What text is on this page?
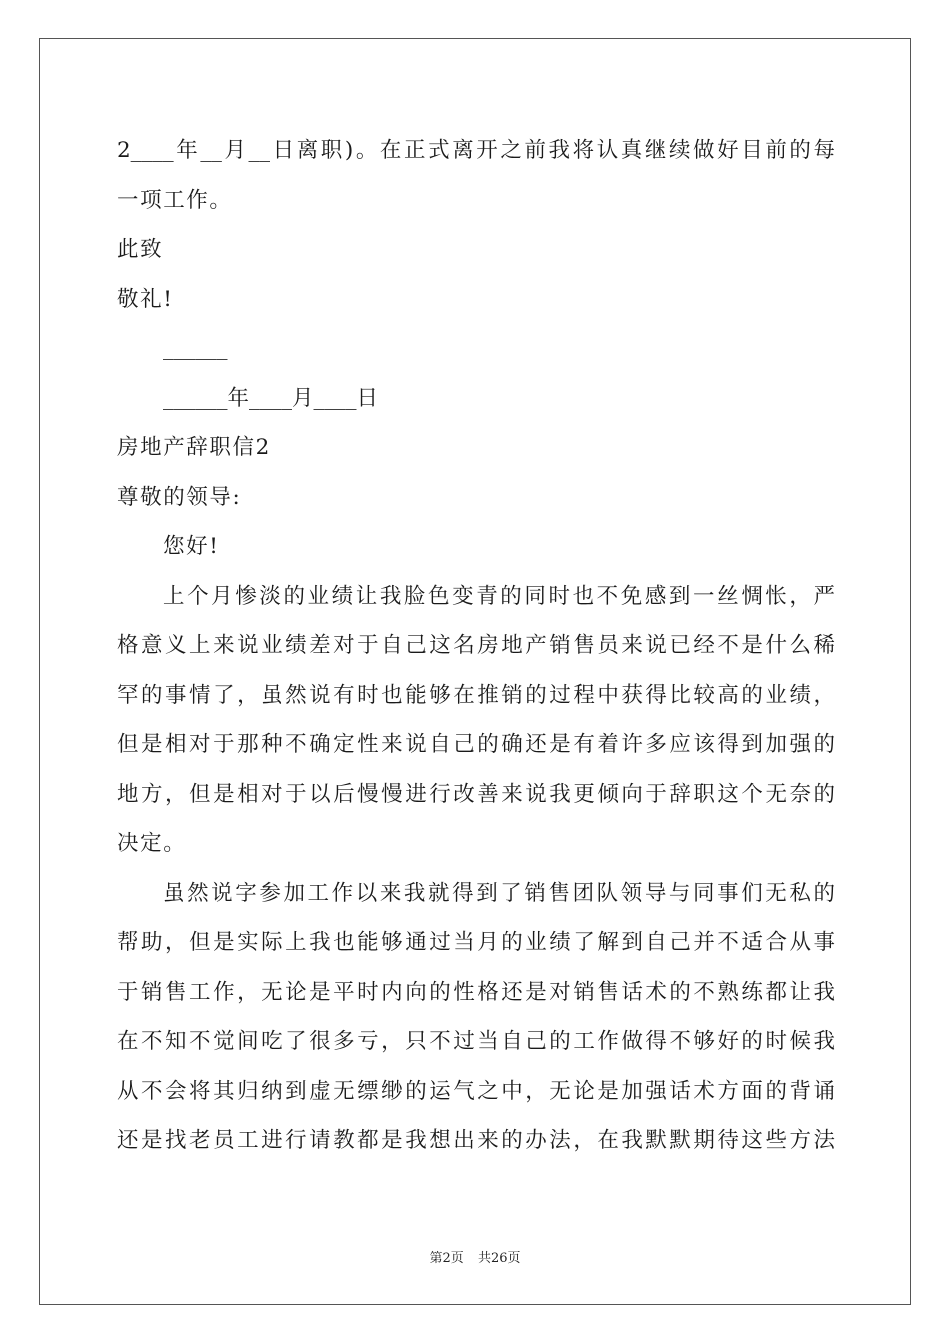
2____年__月__日离职)。在正式离开之前我将认真继续做好目前的每
一项工作。
此致
敬礼!
______
______年____月____日
房地产辞职信2
尊敬的领导:
您好!
上个月惨淡的业绩让我脸色变青的同时也不免感到一丝惆怅，严
格意义上来说业绩差对于自己这名房地产销售员来说已经不是什么稀
罕的事情了，虽然说有时也能够在推销的过程中获得比较高的业绩，
但是相对于那种不确定性来说自己的确还是有着许多应该得到加强的
地方，但是相对于以后慢慢进行改善来说我更倾向于辞职这个无奈的
决定。
虽然说字参加工作以来我就得到了销售团队领导与同事们无私的
帮助，但是实际上我也能够通过当月的业绩了解到自己并不适合从事
于销售工作，无论是平时内向的性格还是对销售话术的不熟练都让我
在不知不觉间吃了很多亏，只不过当自己的工作做得不够好的时候我
从不会将其归纳到虚无缥缈的运气之中，无论是加强话术方面的背诵
还是找老员工进行请教都是我想出来的办法，在我默默期待这些方法
第2页 共26页
